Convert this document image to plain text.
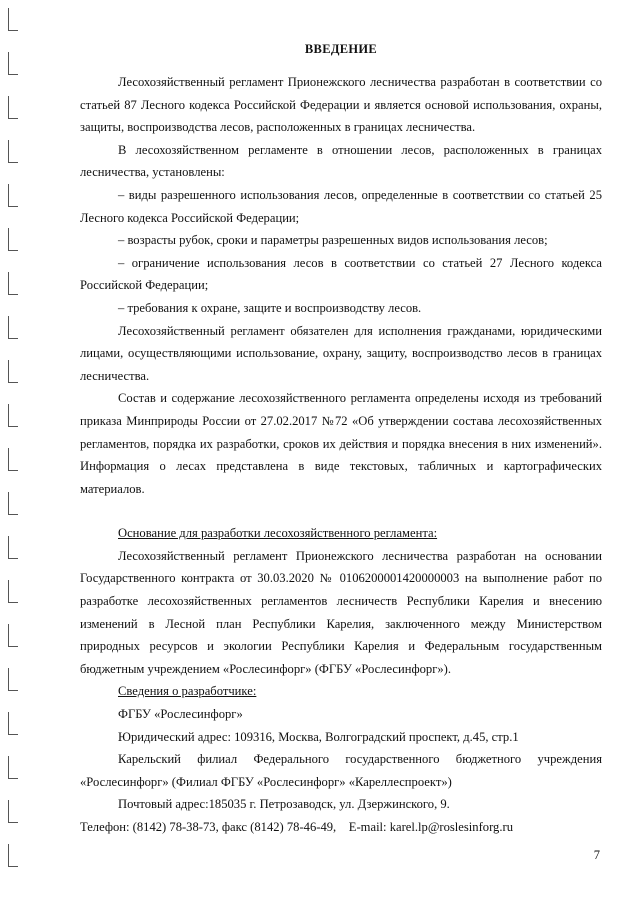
ВВЕДЕНИЕ

Лесохозяйственный регламент Прионежского лесничества разработан в соответствии со статьей 87 Лесного кодекса Российской Федерации и является основой использования, охраны, защиты, воспроизводства лесов, расположенных в границах лесничества.

В лесохозяйственном регламенте в отношении лесов, расположенных в границах лесничества, установлены:

– виды разрешенного использования лесов, определенные в соответствии со статьей 25 Лесного кодекса Российской Федерации;

– возрасты рубок, сроки и параметры разрешенных видов использования лесов;

– ограничение использования лесов в соответствии со статьей 27 Лесного кодекса Российской Федерации;

– требования к охране, защите и воспроизводству лесов.

Лесохозяйственный регламент обязателен для исполнения гражданами, юридическими лицами, осуществляющими использование, охрану, защиту, воспроизводство лесов в границах лесничества.

Состав и содержание лесохозяйственного регламента определены исходя из требований приказа Минприроды России от 27.02.2017 №72 «Об утверждении состава лесохозяйственных регламентов, порядка их разработки, сроков их действия и порядка внесения в них изменений». Информация о лесах представлена в виде текстовых, табличных и картографических материалов.

Основание для разработки лесохозяйственного регламента:

Лесохозяйственный регламент Прионежского лесничества разработан на основании Государственного контракта от 30.03.2020 № 0106200001420000003 на выполнение работ по разработке лесохозяйственных регламентов лесничеств Республики Карелия и внесению изменений в Лесной план Республики Карелия, заключенного между Министерством природных ресурсов и экологии Республики Карелия и Федеральным государственным бюджетным учреждением «Рослесинфорг» (ФГБУ «Рослесинфорг»).

Сведения о разработчике:

ФГБУ «Рослесинфорг»

Юридический адрес: 109316, Москва, Волгоградский проспект, д.45, стр.1

Карельский филиал Федерального государственного бюджетного учреждения «Рослесинфорг» (Филиал ФГБУ «Рослесинфорг» «Кареллеспроект»)

Почтовый адрес:185035 г. Петрозаводск, ул. Дзержинского, 9.

Телефон: (8142) 78-38-73, факс (8142) 78-46-49,    E-mail: karel.lp@roslesinforg.ru

7
